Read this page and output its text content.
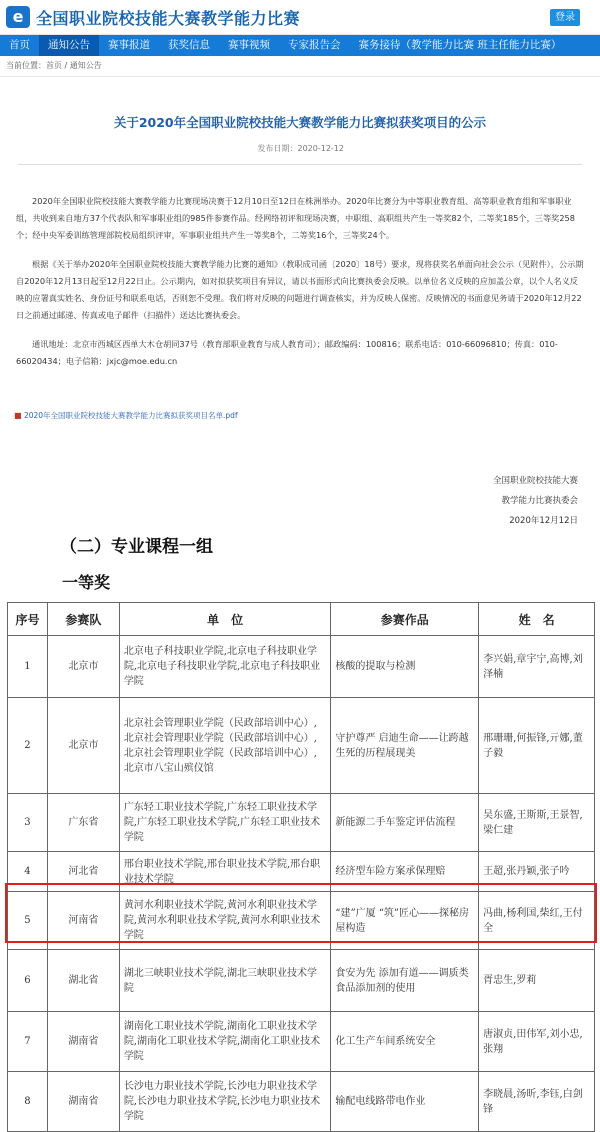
e 全国职业院校技能大赛教学能力比赛	登录
首页	通知公告	赛事报道	获奖信息	赛事视频	专家报告会	赛务接待（教学能力比赛 班主任能力比赛）
当前位置：首页 / 通知公告
关于2020年全国职业院校技能大赛教学能力比赛拟获奖项目的公示
发布日期：2020-12-12

2020年全国职业院校技能大赛教学能力比赛现场决赛于12月10日至12日在株洲举办。2020年比赛分为中等职业教育组、高等职业教育组和军事职业组，共收到来自地方37个代表队和军事职业组的985件参赛作品。经网络初评和现场决赛，中职组、高职组共产生一等奖82个，二等奖185个，三等奖258个；经中央军委训练管理部院校局组织评审，军事职业组共产生一等奖8个，二等奖16个，三等奖24个。

根据《关于举办2020年全国职业院校技能大赛教学能力比赛的通知》（教职成司函〔2020〕18号）要求，现将获奖名单面向社会公示（见附件），公示期自2020年12月13日起至12月22日止。公示期内，如对拟获奖项目有异议，请以书面形式向比赛执委会反映。以单位名义反映的应加盖公章，以个人名义反映的应署真实姓名、身份证号和联系电话，否则恕不受理。我们将对反映的问题进行调查核实，并为反映人保密。反映情况的书面意见务请于2020年12月22日之前通过邮递、传真或电子邮件（扫描件）送达比赛执委会。

通讯地址：北京市西城区西单大木仓胡同37号（教育部职业教育与成人教育司）；邮政编码：100816；联系电话：010-66096810；传真：010-66020434；电子信箱：jxjc@moe.edu.cn

■ 2020年全国职业院校技能大赛教学能力比赛拟获奖项目名单.pdf
全国职业院校技能大赛
教学能力比赛执委会
2020年12月12日
（二）专业课程一组
一等奖
序号	参赛队	单　位	参赛作品	姓　名
1	北京市	北京电子科技职业学院,北京电子科技职业学院,北京电子科技职业学院,北京电子科技职业学院	核酸的提取与检测	李兴娟,章宇宁,高博,刘泽楠
2	北京市	北京社会管理职业学院（民政部培训中心）,北京社会管理职业学院（民政部培训中心）,北京社会管理职业学院（民政部培训中心）,北京市八宝山殡仪馆	守护尊严 启迪生命——让跨越生死的历程展现美	邢珊珊,何振锋,亓娜,董子毅
3	广东省	广东轻工职业技术学院,广东轻工职业技术学院,广东轻工职业技术学院,广东轻工职业技术学院	新能源二手车鉴定评估流程	吴东盛,王斯斯,王景智,梁仁建
4	河北省	邢台职业技术学院,邢台职业技术学院,邢台职业技术学院	经济型车险方案承保理赔	王超,张丹颖,张子吟
5	河南省	黄河水利职业技术学院,黄河水利职业技术学院,黄河水利职业技术学院,黄河水利职业技术学院	“建”广厦 “筑”匠心——探秘房屋构造	冯曲,杨利国,柴红,王付全
6	湖北省	湖北三峡职业技术学院,湖北三峡职业技术学院	食安为先 添加有道——调质类食品添加剂的使用	胥忠生,罗莉
7	湖南省	湖南化工职业技术学院,湖南化工职业技术学院,湖南化工职业技术学院,湖南化工职业技术学院	化工生产车间系统安全	唐淑贞,田伟军,刘小忠,张翔
8	湖南省	长沙电力职业技术学院,长沙电力职业技术学院,长沙电力职业技术学院,长沙电力职业技术学院	输配电线路带电作业	李晓晨,汤昕,李钰,白剑锋
